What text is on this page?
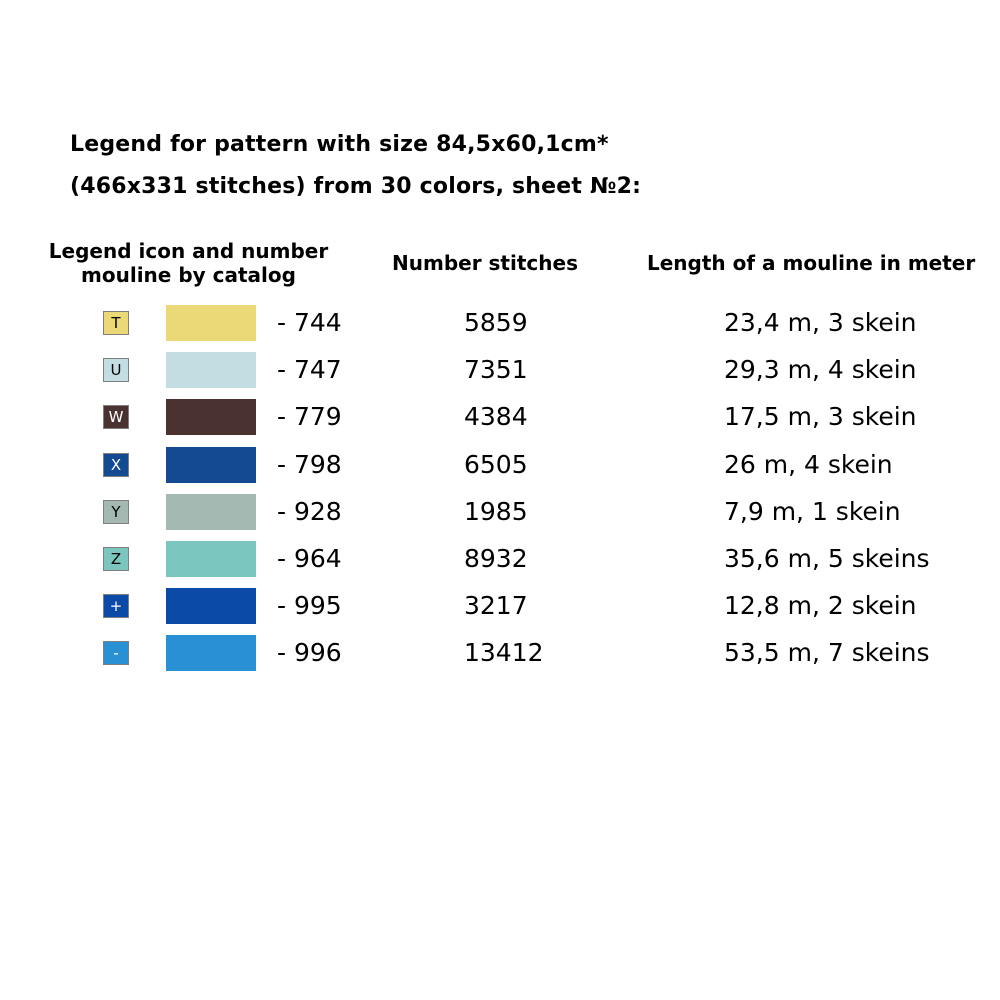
Legend for pattern with size 84,5x60,1cm*
(466x331 stitches) from 30 colors, sheet №2:
Legend icon and number
mouline by catalog	Number stitches	Length of a mouline in meter
T	- 744	5859	23,4 m, 3 skein
U	- 747	7351	29,3 m, 4 skein
W	- 779	4384	17,5 m, 3 skein
X	- 798	6505	26 m, 4 skein
Y	- 928	1985	7,9 m, 1 skein
Z	- 964	8932	35,6 m, 5 skeins
+	- 995	3217	12,8 m, 2 skein
-	- 996	13412	53,5 m, 7 skeins
